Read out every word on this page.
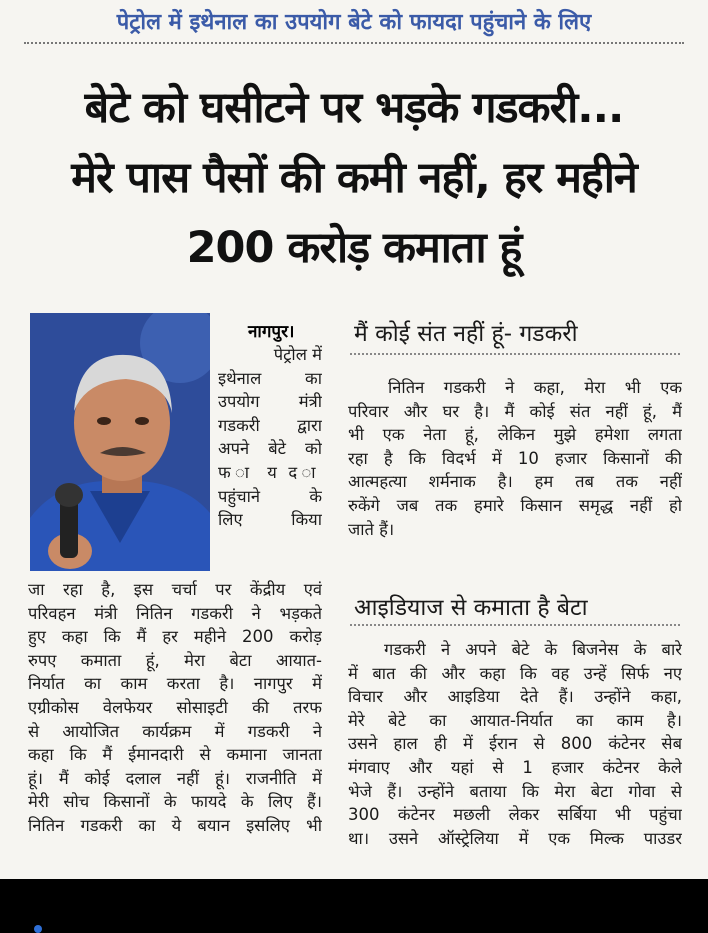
पेट्रोल में इथेनाल का उपयोग बेटे को फायदा पहुंचाने के लिए
बेटे को घसीटने पर भड़के गडकरी...
मेरे पास पैसों की कमी नहीं, हर महीने
200 करोड़ कमाता हूं
नागपुर।
पेट्रोल में
इथेनाल का
उपयोग मंत्री
गडकरी द्वारा
अपने बेटे को
फ ा य द ा
पहुंचाने के
लिए किया
जा रहा है, इस चर्चा पर केंद्रीय एवं
परिवहन मंत्री नितिन गडकरी ने भड़कते
हुए कहा कि मैं हर महीने 200 करोड़
रुपए कमाता हूं, मेरा बेटा आयात-
निर्यात का काम करता है। नागपुर में
एग्रीकोस वेलफेयर सोसाइटी की तरफ
से आयोजित कार्यक्रम में गडकरी ने
कहा कि मैं ईमानदारी से कमाना जानता
हूं। मैं कोई दलाल नहीं हूं। राजनीति में
मेरी सोच किसानों के फायदे के लिए हैं।
नितिन गडकरी का ये बयान इसलिए भी
मैं कोई संत नहीं हूं- गडकरी
नितिन गडकरी ने कहा, मेरा भी एक
परिवार और घर है। मैं कोई संत नहीं हूं, मैं
भी एक नेता हूं, लेकिन मुझे हमेशा लगता
रहा है कि विदर्भ में 10 हजार किसानों की
आत्महत्या शर्मनाक है। हम तब तक नहीं
रुकेंगे जब तक हमारे किसान समृद्ध नहीं हो
जाते हैं।
आइडियाज से कमाता है बेटा
गडकरी ने अपने बेटे के बिजनेस के बारे
में बात की और कहा कि वह उन्हें सिर्फ नए
विचार और आइडिया देते हैं। उन्होंने कहा,
मेरे बेटे का आयात-निर्यात का काम है।
उसने हाल ही में ईरान से 800 कंटेनर सेब
मंगवाए और यहां से 1 हजार कंटेनर केले
भेजे हैं। उन्होंने बताया कि मेरा बेटा गोवा से
300 कंटेनर मछली लेकर सर्बिया भी पहुंचा
था। उसने ऑस्ट्रेलिया में एक मिल्क पाउडर
